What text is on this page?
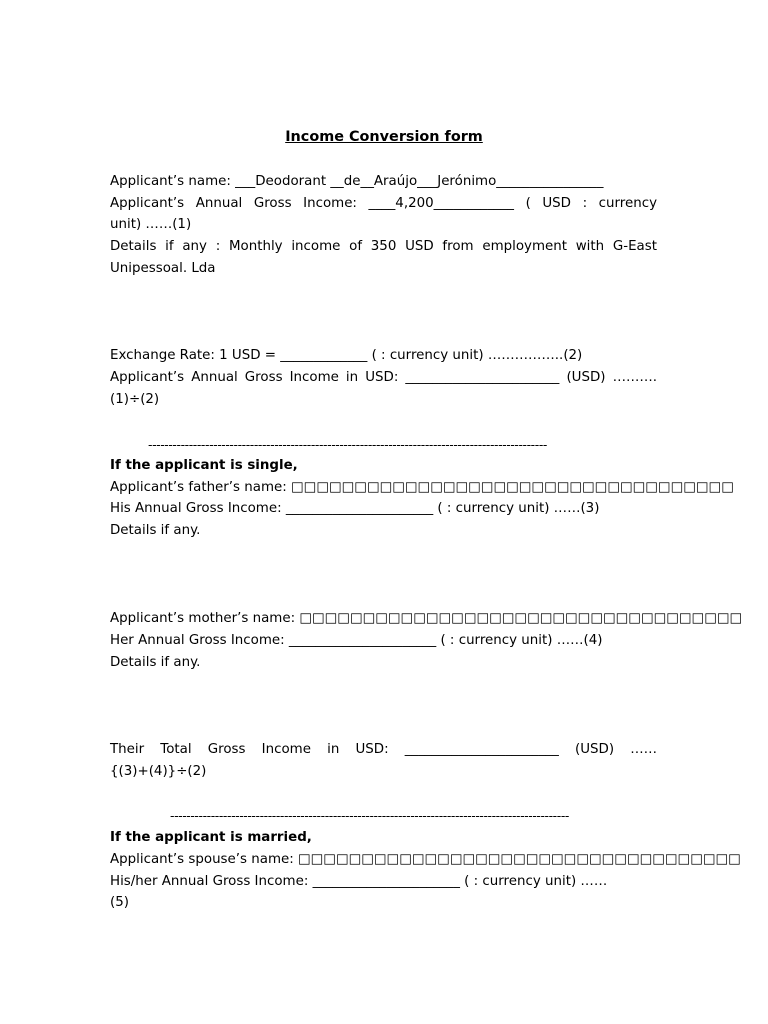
Income Conversion form
Applicant’s name: ___Deodorant __de__Araújo___Jerónimo________________
Applicant’s Annual Gross Income: ____4,200____________ ( USD : currency
unit) ……(1)
Details if any : Monthly income of 350 USD from employment with G-East
Unipessoal. Lda
Exchange Rate: 1 USD = _____________ ( : currency unit) ……………..(2)
Applicant’s Annual Gross Income in USD: _______________________ (USD) ……….
(1)÷(2)
--------------------------------------------------------------------------------------------------
If the applicant is single,
Applicant’s father’s name: □□□□□□□□□□□□□□□□□□□□□□□□□□□□□□□□□□□
His Annual Gross Income: ______________________ ( : currency unit) ……(3)
Details if any.
Applicant’s mother’s name: □□□□□□□□□□□□□□□□□□□□□□□□□□□□□□□□□□□
Her Annual Gross Income: ______________________ ( : currency unit) ……(4)
Details if any.
Their Total Gross Income in USD: _______________________ (USD) ……
{(3)+(4)}÷(2)
--------------------------------------------------------------------------------------------------
If the applicant is married,
Applicant’s spouse’s name: □□□□□□□□□□□□□□□□□□□□□□□□□□□□□□□□□□□
His/her Annual Gross Income: ______________________ ( : currency unit) ……
(5)
